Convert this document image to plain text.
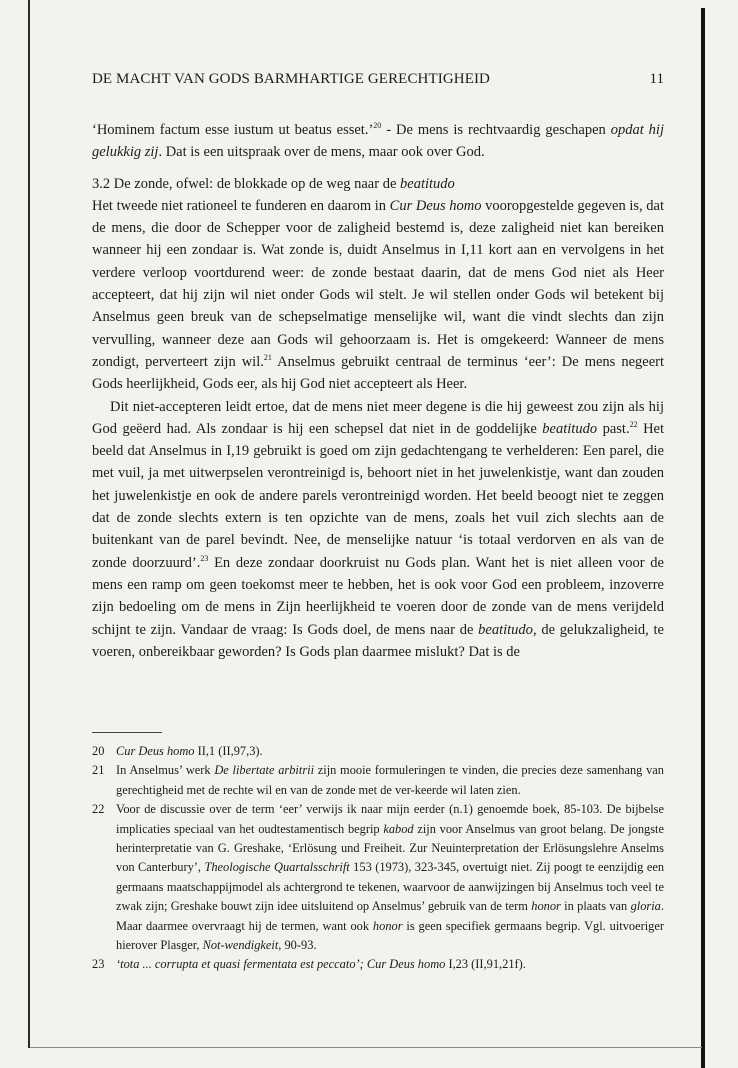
DE MACHT VAN GODS BARMHARTIGE GERECHTIGHEID	11

‘Hominem factum esse iustum ut beatus esset.’$^{20}$ - De mens is rechtvaardig geschapen opdat hij gelukkig zij. Dat is een uitspraak over de mens, maar ook over God.

3.2 De zonde, ofwel: de blokkade op de weg naar de beatitudo

Het tweede niet rationeel te funderen en daarom in Cur Deus homo vooropgestelde gegeven is, dat de mens, die door de Schepper voor de zaligheid bestemd is, deze zaligheid niet kan bereiken wanneer hij een zondaar is. Wat zonde is, duidt Anselmus in I,11 kort aan en vervolgens in het verdere verloop voortdurend weer: de zonde bestaat daarin, dat de mens God niet als Heer accepteert, dat hij zijn wil niet onder Gods wil stelt. Je wil stellen onder Gods wil betekent bij Anselmus geen breuk van de schepselmatige menselijke wil, want die vindt slechts dan zijn vervulling, wanneer deze aan Gods wil gehoorzaam is. Het is omgekeerd: Wanneer de mens zondigt, perverteert zijn wil.$^{21}$ Anselmus gebruikt centraal de terminus ‘eer’: De mens negeert Gods heerlijkheid, Gods eer, als hij God niet accepteert als Heer.

Dit niet-accepteren leidt ertoe, dat de mens niet meer degene is die hij geweest zou zijn als hij God geëerd had. Als zondaar is hij een schepsel dat niet in de goddelijke beatitudo past.$^{22}$ Het beeld dat Anselmus in I,19 gebruikt is goed om zijn gedachtengang te verhelderen: Een parel, die met vuil, ja met uitwerpselen verontreinigd is, behoort niet in het juwelenkistje, want dan zouden het juwelenkistje en ook de andere parels verontreinigd worden. Het beeld beoogt niet te zeggen dat de zonde slechts extern is ten opzichte van de mens, zoals het vuil zich slechts aan de buitenkant van de parel bevindt. Nee, de menselijke natuur ‘is totaal verdorven en als van de zonde doorzuurd’.$^{23}$ En deze zondaar doorkruist nu Gods plan. Want het is niet alleen voor de mens een ramp om geen toekomst meer te hebben, het is ook voor God een probleem, inzoverre zijn bedoeling om de mens in Zijn heerlijkheid te voeren door de zonde van de mens verijdeld schijnt te zijn. Vandaar de vraag: Is Gods doel, de mens naar de beatitudo, de gelukzaligheid, te voeren, onbereikbaar geworden? Is Gods plan daarmee mislukt? Dat is de

20 Cur Deus homo II,1 (II,97,3).
21 In Anselmus’ werk De libertate arbitrii zijn mooie formuleringen te vinden, die precies deze samenhang van gerechtigheid met de rechte wil en van de zonde met de ver-keerde wil laten zien.
22 Voor de discussie over de term ‘eer’ verwijs ik naar mijn eerder (n.1) genoemde boek, 85-103. De bijbelse implicaties speciaal van het oudtestamentisch begrip kabod zijn voor Anselmus van groot belang. De jongste herinterpretatie van G. Greshake, ‘Erlösung und Freiheit. Zur Neuinterpretation der Erlösungslehre Anselms von Canterbury’, Theologische Quartalsschrift 153 (1973), 323-345, overtuigt niet. Zij poogt te eenzijdig een germaans maatschappijmodel als achtergrond te tekenen, waarvoor de aanwijzingen bij Anselmus toch veel te zwak zijn; Greshake bouwt zijn idee uitsluitend op Anselmus’ gebruik van de term honor in plaats van gloria. Maar daarmee overvraagt hij de termen, want ook honor is geen specifiek germaans begrip. Vgl. uitvoeriger hierover Plasger, Not-wendigkeit, 90-93.
23 ‘tota ... corrupta et quasi fermentata est peccato’; Cur Deus homo I,23 (II,91,21f).
